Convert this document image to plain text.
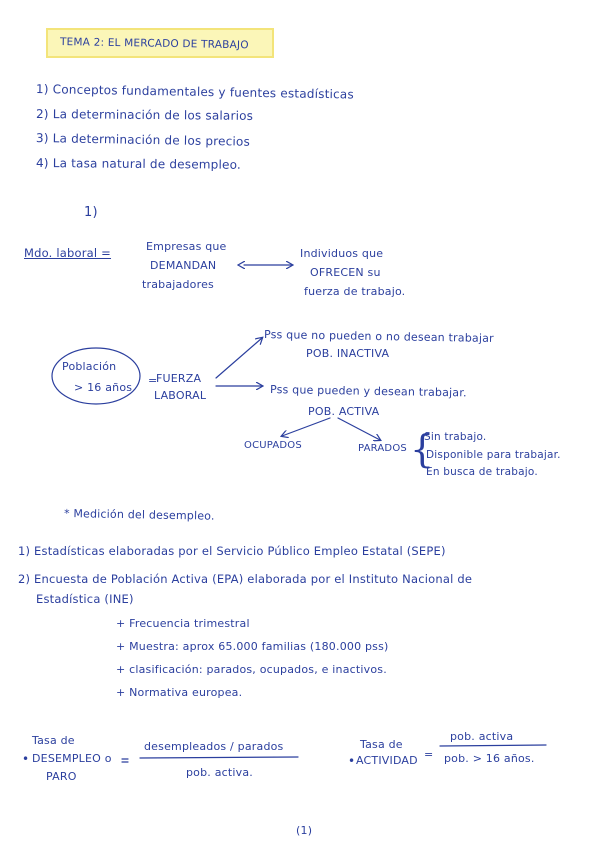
TEMA 2: EL MERCADO DE TRABAJO
1) Conceptos fundamentales y fuentes estadísticas
2) La determinación de los salarios
3) La determinación de los precios
4) La tasa natural de desempleo.
1)
Mdo. laboral =	Empresas que
DEMANDAN
trabajadores
Individuos que
OFRECEN su
fuerza de trabajo.
Población
> 16 años
=
FUERZA
LABORAL
Pss que no pueden o no desean trabajar
POB. INACTIVA
Pss que pueden y desean trabajar.
POB. ACTIVA
OCUPADOS	PARADOS {
Sin trabajo.
Disponible para trabajar.
En busca de trabajo.
* Medición del desempleo.
1) Estadísticas elaboradas por el Servicio Público Empleo Estatal (SEPE)
2) Encuesta de Población Activa (EPA) elaborada por el Instituto Nacional de
Estadística (INE)
+ Frecuencia trimestral
+ Muestra: aprox 65.000 familias (180.000 pss)
+ clasificación: parados, ocupados, e inactivos.
+ Normativa europea.
Tasa de
• DESEMPLEO o
PARO
desempleados / parados
pob. activa.
Tasa de
• ACTIVIDAD =
pob. activa
pob. > 16 años.
(1)
